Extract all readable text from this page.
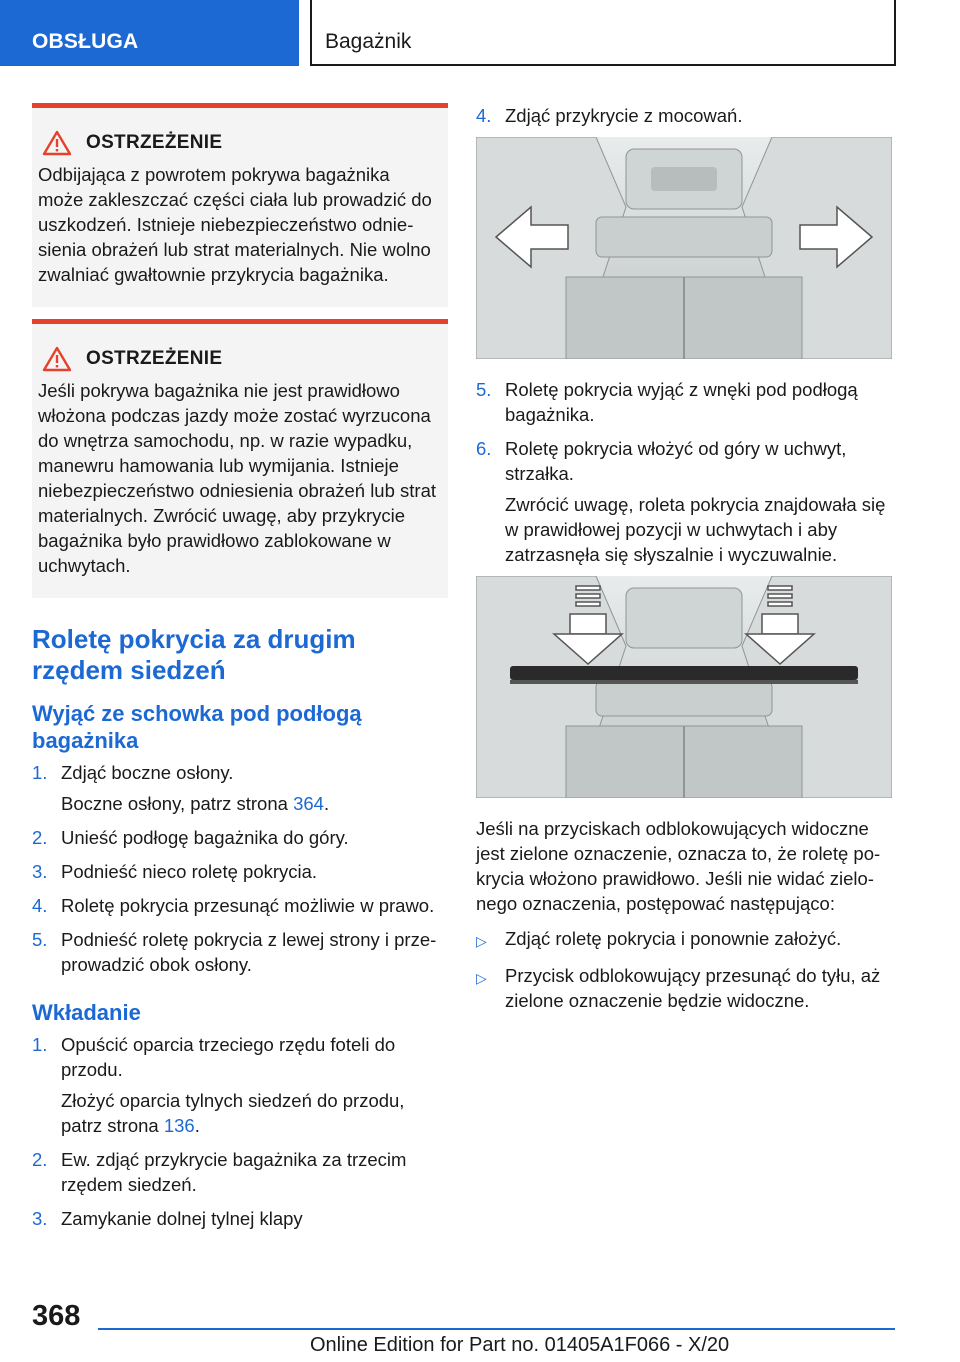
OBSŁUGA	Bagażnik
OSTRZEŻENIE
Odbijająca z powrotem pokrywa bagażnika może zakleszczać części ciała lub prowadzić do uszkodzeń. Istnieje niebezpieczeństwo odniesienia obrażeń lub strat materialnych. Nie wolno zwalniać gwałtownie przykrycia bagażnika.
OSTRZEŻENIE
Jeśli pokrywa bagażnika nie jest prawidłowo włożona podczas jazdy może zostać wyrzucona do wnętrza samochodu, np. w razie wypadku, manewru hamowania lub wymijania. Istnieje niebezpieczeństwo odniesienia obrażeń lub strat materialnych. Zwrócić uwagę, aby przykrycie bagażnika było prawidłowo zablokowane w uchwytach.
Roletę pokrycia za drugim rzędem siedzeń
Wyjąć ze schowka pod podłogą bagażnika
1. Zdjąć boczne osłony.
Boczne osłony, patrz strona 364.
2. Unieść podłogę bagażnika do góry.
3. Podnieść nieco roletę pokrycia.
4. Roletę pokrycia przesunąć możliwie w prawo.
5. Podnieść roletę pokrycia z lewej strony i przeprowadzić obok osłony.
Wkładanie
1. Opuścić oparcia trzeciego rzędu foteli do przodu.
Złożyć oparcia tylnych siedzeń do przodu, patrz strona 136.
2. Ew. zdjąć przykrycie bagażnika za trzecim rzędem siedzeń.
3. Zamykanie dolnej tylnej klapy
4. Zdjąć przykrycie z mocowań.
5. Roletę pokrycia wyjąć z wnęki pod podłogą bagażnika.
6. Roletę pokrycia włożyć od góry w uchwyt, strzałka.
Zwrócić uwagę, roleta pokrycia znajdowała się w prawidłowej pozycji w uchwytach i aby zatrzasnęła się słyszalnie i wyczuwalnie.
Jeśli na przyciskach odblokowujących widoczne jest zielone oznaczenie, oznacza to, że roletę pokrycia włożono prawidłowo. Jeśli nie widać zielonego oznaczenia, postępować następująco:
▷ Zdjąć roletę pokrycia i ponownie założyć.
▷ Przycisk odblokowujący przesunąć do tyłu, aż zielone oznaczenie będzie widoczne.
368
Online Edition for Part no. 01405A1F066 - X/20
